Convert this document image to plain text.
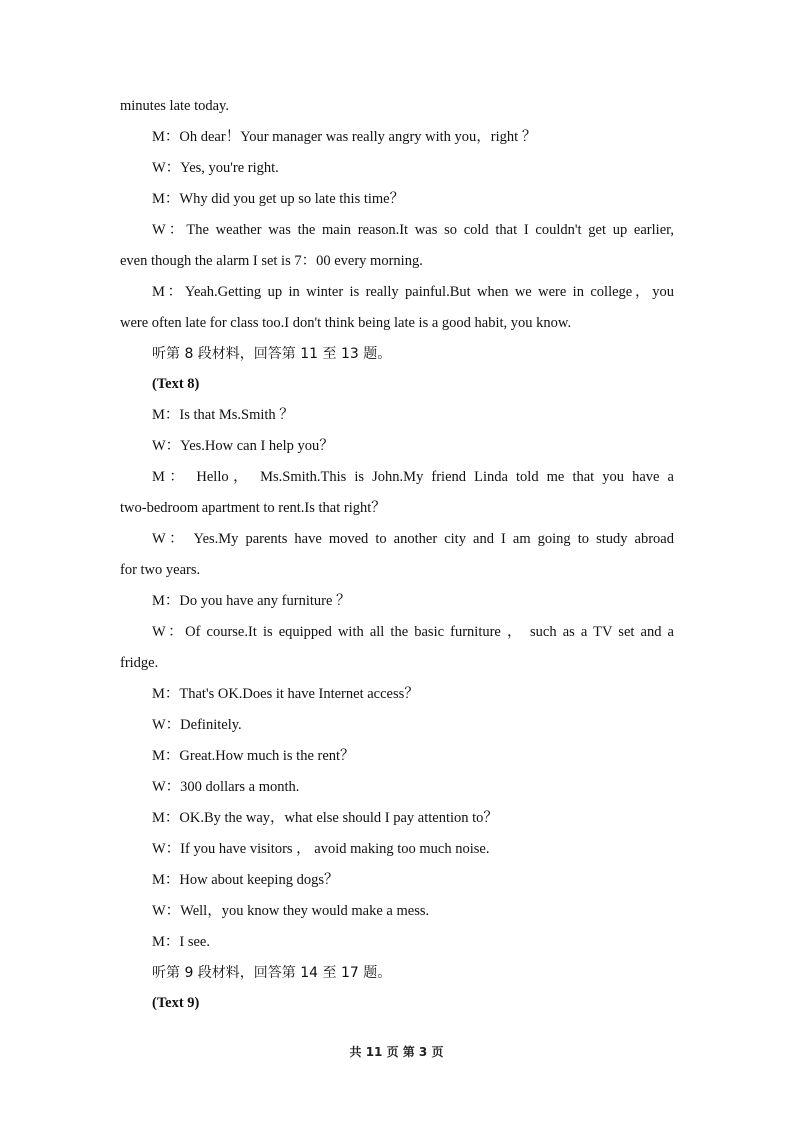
minutes late today.

M：Oh dear！Your manager was really angry with you，right ？

W：Yes, you're right.

M：Why did you get up so late this time？

W：The weather was the main reason.It was so cold that I couldn't get up earlier,
even though the alarm I set is 7：00 every morning.
M：Yeah.Getting up in winter is really painful.But when we were in college，you
were often late for class too.I don't think being late is a good habit, you know.

听第 8 段材料，回答第 11 至 13 题。

(Text 8)

M：Is that Ms.Smith ？

W：Yes.How can I help you？

M： Hello， Ms.Smith.This is John.My friend Linda told me that you have a
two-bedroom apartment to rent.Is that right？
W： Yes.My parents have moved to another city and I am going to study abroad
for two years.

M：Do you have any furniture ？

W：Of course.It is equipped with all the basic furniture ， such as a TV set and a
fridge.

M：That's OK.Does it have Internet access？

W：Definitely.

M：Great.How much is the rent？

W：300 dollars a month.

M：OK.By the way，what else should I pay attention to？

W：If you have visitors ， avoid making too much noise.

M：How about keeping dogs？

W：Well，you know they would make a mess.

M：I see.

听第 9 段材料，回答第 14 至 17 题。

(Text 9)

共 11 页 第 3 页
